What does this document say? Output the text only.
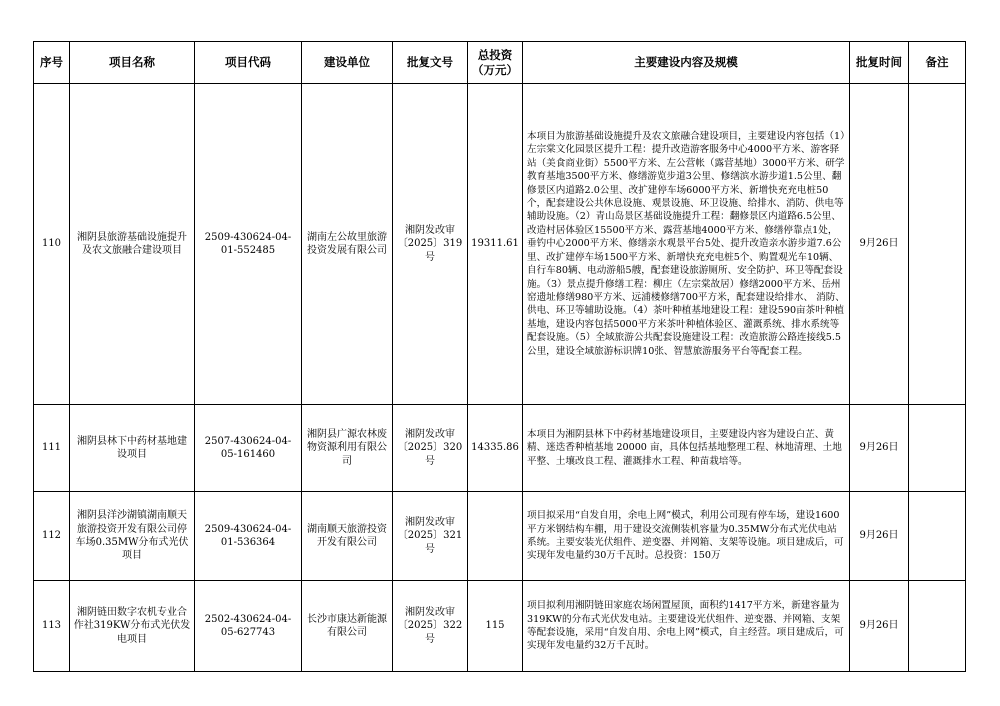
序号	项目名称	项目代码	建设单位	批复文号	总投资
（万元）	主要建设内容及规模	批复时间	备注
110	湘阴县旅游基础设施提升及农文旅融合建设项目	2509-430624-04-01-552485	湖南左公故里旅游投资发展有限公司	湘阴发改审〔2025〕319号	19311.61	本项目为旅游基础设施提升及农文旅融合建设项目，主要建设内容包括（1）左宗棠文化园景区提升工程：提升改造游客服务中心4000平方米、游客驿站（美食商业街）5500平方米、左公营帐（露营基地）3000平方米、研学教育基地3500平方米、修缮游览步道3公里、修缮滨水游步道1.5公里、翻修景区内道路2.0公里、改扩建停车场6000平方米、新增快充充电桩50个，配套建设公共休息设施、观景设施、环卫设施、给排水、消防、供电等辅助设施。（2）青山岛景区基础设施提升工程：翻修景区内道路6.5公里、改造村居体验区15500平方米、露营基地4000平方米、修缮停靠点1处，垂钓中心2000平方米、修缮亲水观景平台5处、提升改造亲水游步道7.6公里、改扩建停车场1500平方米、新增快充充电桩5个、购置观光车10辆、自行车80辆、电动游船5艘，配套建设旅游厕所、安全防护、环卫等配套设施。（3）景点提升修缮工程：柳庄（左宗棠故居）修缮2000平方米、岳州窑遗址修缮980平方米、远浦楼修缮700平方米，配套建设给排水、 消防、供电、环卫等辅助设施。（4）茶叶种植基地建设工程：建设590亩茶叶种植基地，建设内容包括5000平方米茶叶种植体验区、灌溉系统、排水系统等配套设施。（5）全域旅游公共配套设施建设工程：改造旅游公路连接线5.5公里，建设全域旅游标识牌10张、智慧旅游服务平台等配套工程。	9月26日	
111	湘阴县林下中药材基地建设项目	2507-430624-04-05-161460	湘阴县广源农林废物资源利用有限公司	湘阴发改审〔2025〕320号	14335.86	本项目为湘阴县林下中药材基地建设项目，主要建设内容为建设白芷、黄精、迷迭香种植基地 20000 亩，具体包括基地整理工程、林地清理、土地平整、土壤改良工程、灌溉排水工程、种苗栽培等。	9月26日	
112	湘阴县洋沙湖镇湖南顺天旅游投资开发有限公司停车场0.35MW分布式光伏项目	2509-430624-04-01-536364	湖南顺天旅游投资开发有限公司	湘阴发改审〔2025〕321号		项目拟采用“自发自用，余电上网”模式，利用公司现有停车场，建设1600平方米钢结构车棚，用于建设交流侧装机容量为0.35MW分布式光伏电站系统。主要安装光伏组件、逆变器、并网箱、支架等设施。项目建成后，可实现年发电量约30万千瓦时。总投资：150万	9月26日	
113	湘阴链田数字农机专业合作社319KW分布式光伏发电项目	2502-430624-04-05-627743	长沙市康达新能源有限公司	湘阴发改审〔2025〕322号	115	项目拟利用湘阴链田家庭农场闲置屋顶，面积约1417平方米，新建容量为319KW的分布式光伏发电站。主要建设光伏组件、逆变器、并网箱、支架等配套设施，采用“自发自用、余电上网”模式，自主经营。项目建成后，可实现年发电量约32万千瓦时。	9月26日	
